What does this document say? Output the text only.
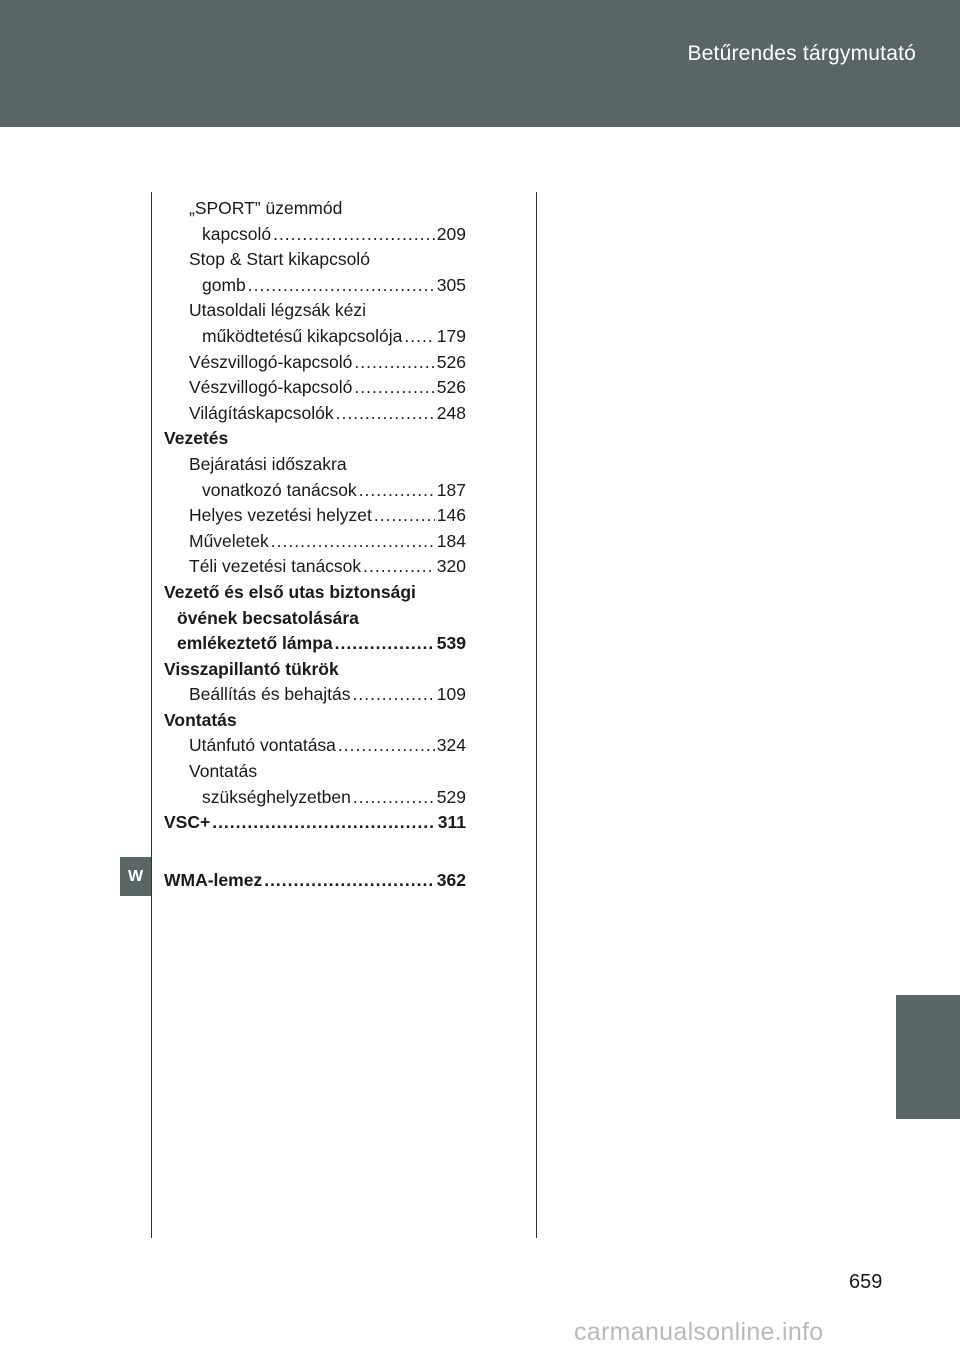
Betűrendes tárgymutató
W
„SPORT” üzemmód
kapcsoló .....	209
Stop & Start kikapcsoló
gomb .....	305
Utasoldali légzsák kézi
működtetésű kikapcsolója ..... 179
Vészvillogó-kapcsoló .....	526
Vészvillogó-kapcsoló .....	526
Világításkapcsolók .....	248
Vezetés
Bejáratási időszakra
vonatkozó tanácsok .....	187
Helyes vezetési helyzet .....	146
Műveletek .....	184
Téli vezetési tanácsok .....	320
Vezető és első utas biztonsági
övének becsatolására
emlékeztető lámpa .....	539
Visszapillantó tükrök
Beállítás és behajtás .....	109
Vontatás
Utánfutó vontatása .....	324
Vontatás
szükséghelyzetben .....	529
VSC+ .....	311
WMA-lemez .....	362
659
carmanualsonline.info
